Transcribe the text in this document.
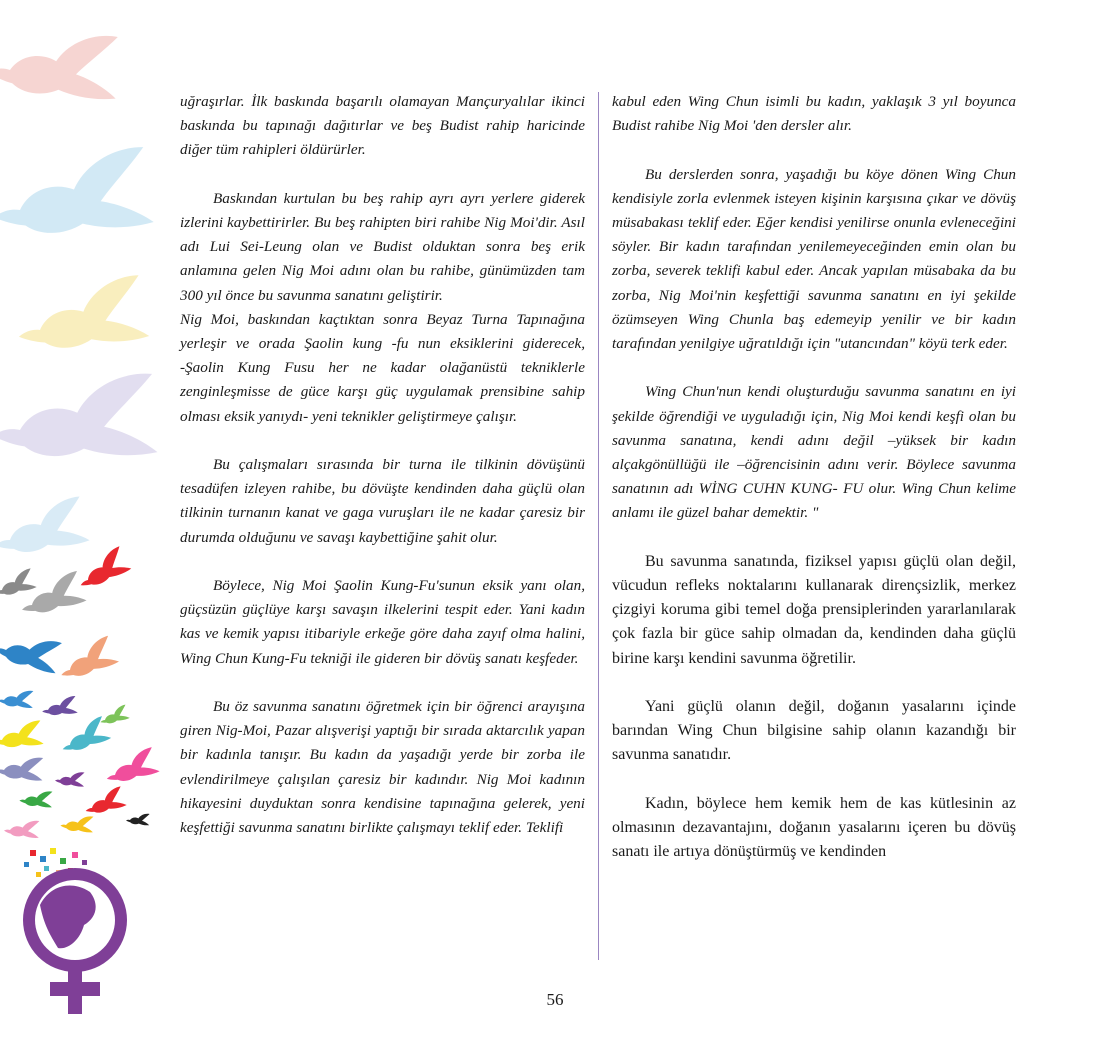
uğraşırlar. İlk baskında başarılı olamayan Mançuryalılar ikinci baskında bu tapınağı dağıtırlar ve beş Budist rahip haricinde diğer tüm rahipleri öldürürler.

Baskından kurtulan bu beş rahip ayrı ayrı yerlere giderek izlerini kaybettirirler. Bu beş rahipten biri rahibe Nig Moi'dir. Asıl adı Lui Sei-Leung olan ve Budist olduktan sonra beş erik anlamına gelen Nig Moi adını olan bu rahibe, günümüzden tam 300 yıl önce bu savunma sanatını geliştirir.

Nig Moi, baskından kaçtıktan sonra Beyaz Turna Tapınağına yerleşir ve orada Şaolin kung -fu nun eksiklerini giderecek, -Şaolin Kung Fusu her ne kadar olağanüstü tekniklerle zenginleşmisse de güce karşı güç uygulamak prensibine sahip olması eksik yanıydı- yeni teknikler geliştirmeye çalışır.

Bu çalışmaları sırasında bir turna ile tilkinin dövüşünü tesadüfen izleyen rahibe, bu dövüşte kendinden daha güçlü olan tilkinin turnanın kanat ve gaga vuruşları ile ne kadar çaresiz bir durumda olduğunu ve savaşı kaybettiğine şahit olur.

Böylece, Nig Moi Şaolin Kung-Fu'sunun eksik yanı olan, güçsüzün güçlüye karşı savaşın ilkelerini tespit eder. Yani kadın kas ve kemik yapısı itibariyle erkeğe göre daha zayıf olma halini, Wing Chun Kung-Fu tekniği ile gideren bir dövüş sanatı keşfeder.

Bu öz savunma sanatını öğretmek için bir öğrenci arayışına giren Nig-Moi, Pazar alışverişi yaptığı bir sırada aktarcılık yapan bir kadınla tanışır. Bu kadın da yaşadığı yerde bir zorba ile evlendirilmeye çalışılan çaresiz bir kadındır. Nig Moi kadının hikayesini duyduktan sonra kendisine tapınağına gelerek, yeni keşfettiği savunma sanatını birlikte çalışmayı teklif eder. Teklifi

kabul eden Wing Chun isimli bu kadın, yaklaşık 3 yıl boyunca Budist rahibe Nig Moi 'den dersler alır.

Bu derslerden sonra, yaşadığı bu köye dönen Wing Chun kendisiyle zorla evlenmek isteyen kişinin karşısına çıkar ve dövüş müsabakası teklif eder. Eğer kendisi yenilirse onunla evleneceğini söyler. Bir kadın tarafından yenilemeyeceğinden emin olan bu zorba, severek teklifi kabul eder. Ancak yapılan müsabaka da bu zorba, Nig Moi'nin keşfettiği savunma sanatını en iyi şekilde özümseyen Wing Chunla baş edemeyip yenilir ve bir kadın tarafından yenilgiye uğratıldığı için "utancından" köyü terk eder.

Wing Chun'nun kendi oluşturduğu savunma sanatını en iyi şekilde öğrendiği ve uyguladığı için, Nig Moi kendi keşfi olan bu savunma sanatına, kendi adını değil –yüksek bir kadın alçakgönüllüğü ile –öğrencisinin adını verir. Böylece savunma sanatının adı WİNG CUHN KUNG- FU olur. Wing Chun kelime anlamı ile güzel bahar demektir. "

Bu savunma sanatında, fiziksel yapısı güçlü olan değil, vücudun refleks noktalarını kullanarak dirençsizlik, merkez çizgiyi koruma gibi temel doğa prensiplerinden yararlanılarak çok fazla bir güce sahip olmadan da, kendinden daha güçlü birine karşı kendini savunma öğretilir.

Yani güçlü olanın değil, doğanın yasalarını içinde barından Wing Chun bilgisine sahip olanın kazandığı bir savunma sanatıdır.

Kadın, böylece hem kemik hem de kas kütlesinin az olmasının dezavantajını, doğanın yasalarını içeren bu dövüş sanatı ile artıya dönüştürmüş ve kendinden

56
